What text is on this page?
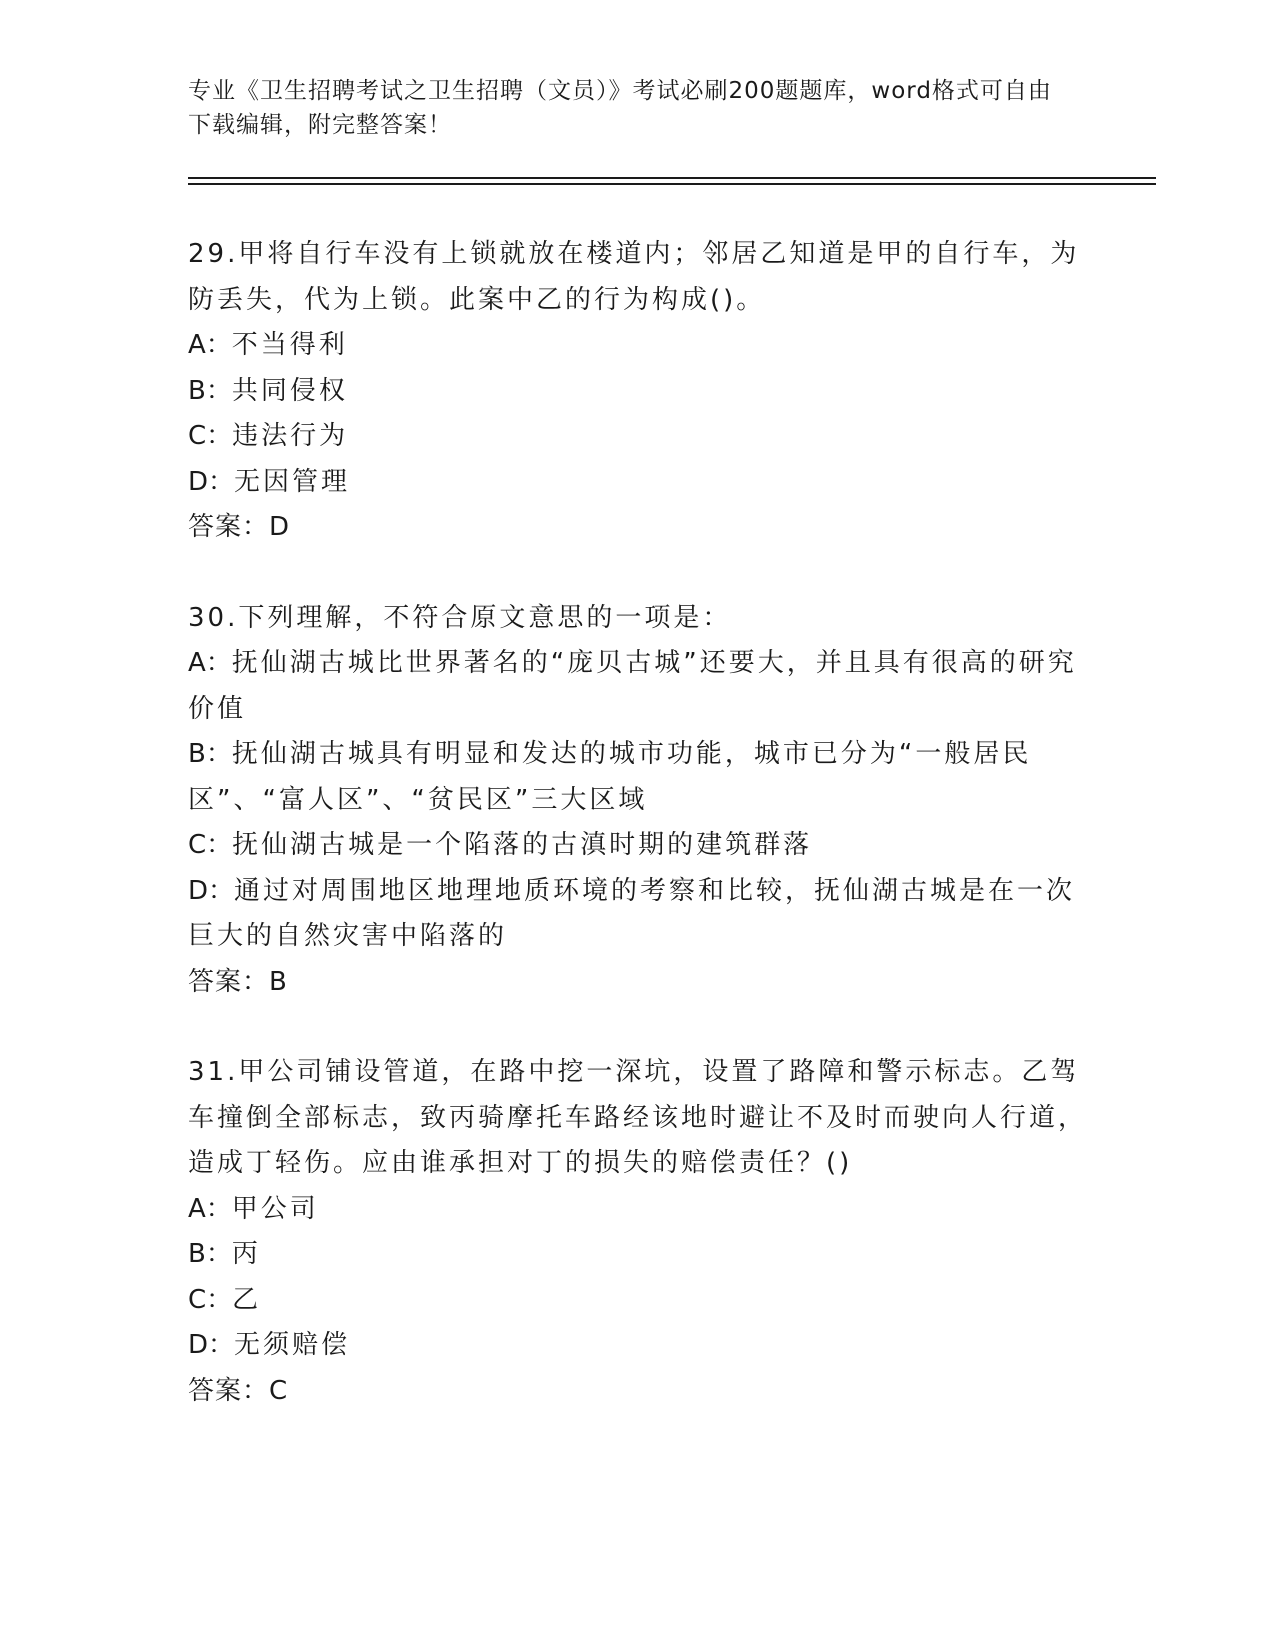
专业《卫生招聘考试之卫生招聘（文员）》考试必刷200题题库，word格式可自由下载编辑，附完整答案！

29.甲将自行车没有上锁就放在楼道内；邻居乙知道是甲的自行车，为防丢失，代为上锁。此案中乙的行为构成()。

A：不当得利

B：共同侵权

C：违法行为

D：无因管理

答案：D

30.下列理解，不符合原文意思的一项是：

A：抚仙湖古城比世界著名的“庞贝古城”还要大，并且具有很高的研究价值

B：抚仙湖古城具有明显和发达的城市功能，城市已分为“一般居民区”、“富人区”、“贫民区”三大区域

C：抚仙湖古城是一个陷落的古滇时期的建筑群落

D：通过对周围地区地理地质环境的考察和比较，抚仙湖古城是在一次巨大的自然灾害中陷落的

答案：B

31.甲公司铺设管道，在路中挖一深坑，设置了路障和警示标志。乙驾车撞倒全部标志，致丙骑摩托车路经该地时避让不及时而驶向人行道，造成丁轻伤。应由谁承担对丁的损失的赔偿责任？()

A：甲公司

B：丙

C：乙

D：无须赔偿

答案：C
